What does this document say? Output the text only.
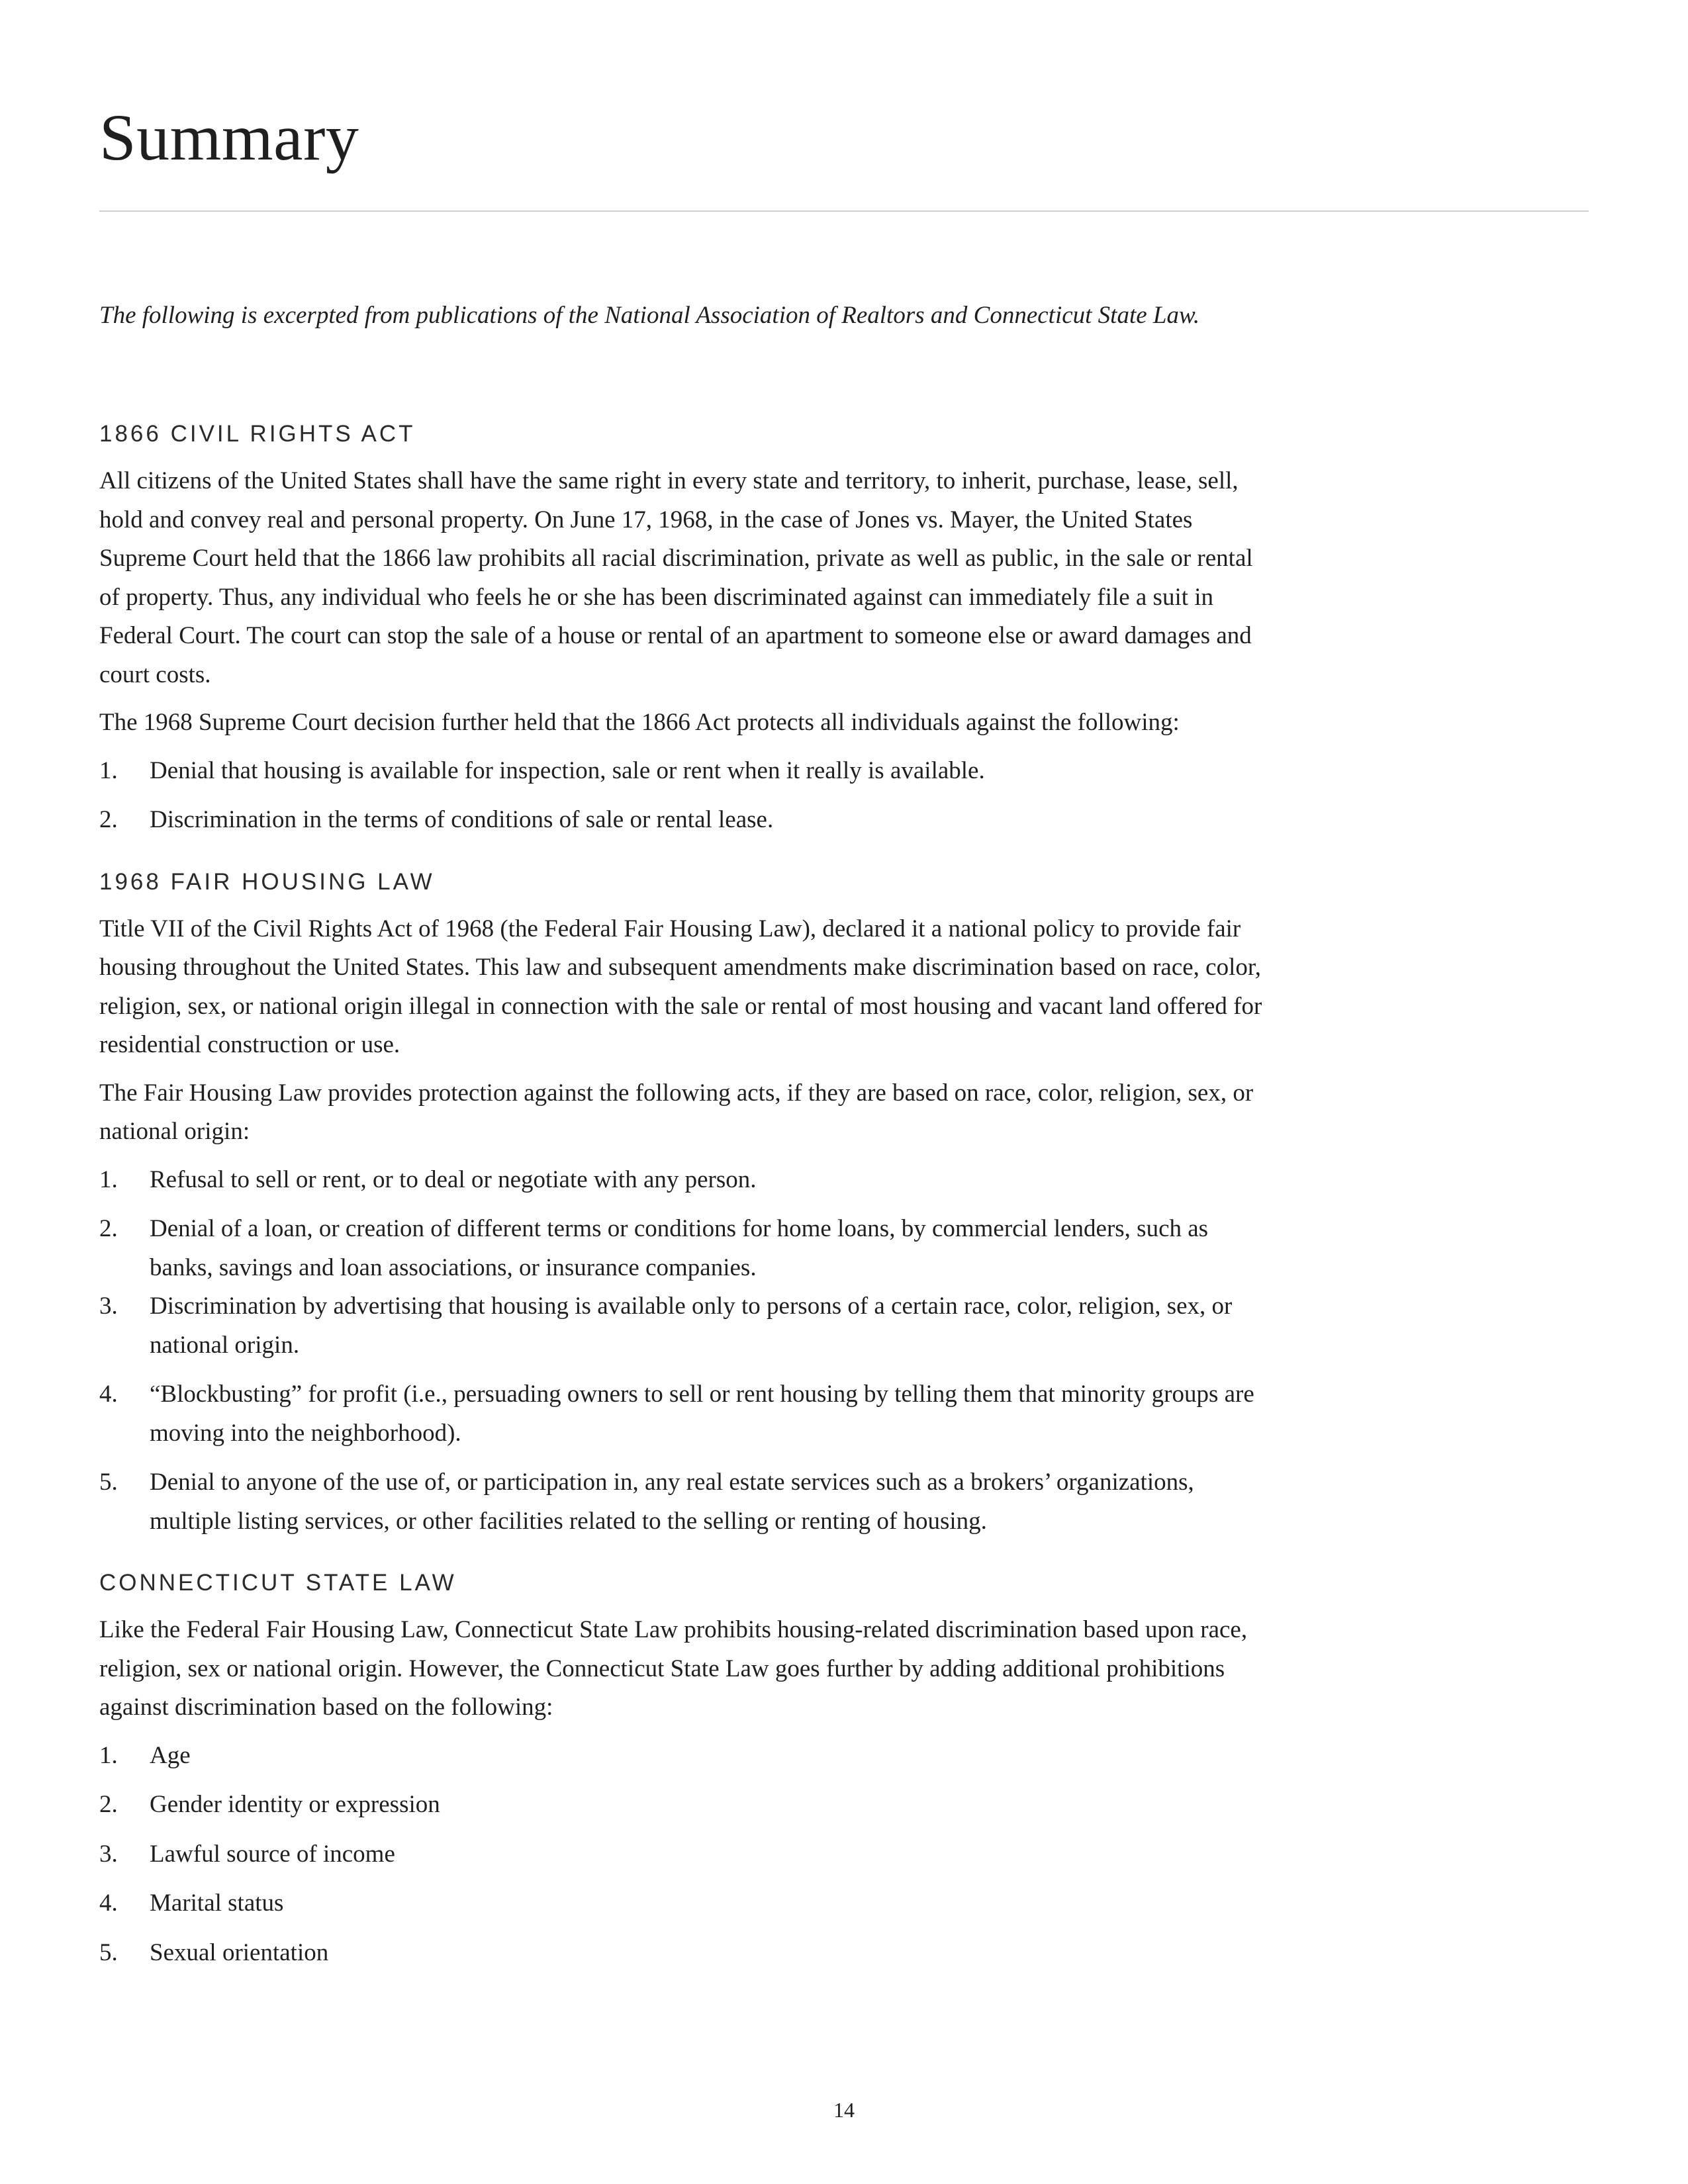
Summary

The following is excerpted from publications of the National Association of Realtors and Connecticut State Law.

1866 CIVIL RIGHTS ACT

All citizens of the United States shall have the same right in every state and territory, to inherit, purchase, lease, sell, hold and convey real and personal property. On June 17, 1968, in the case of Jones vs. Mayer, the United States Supreme Court held that the 1866 law prohibits all racial discrimination, private as well as public, in the sale or rental of property. Thus, any individual who feels he or she has been discriminated against can immediately file a suit in Federal Court. The court can stop the sale of a house or rental of an apartment to someone else or award damages and court costs.

The 1968 Supreme Court decision further held that the 1866 Act protects all individuals against the following:

1.	Denial that housing is available for inspection, sale or rent when it really is available.
2.	Discrimination in the terms of conditions of sale or rental lease.
1968 FAIR HOUSING LAW

Title VII of the Civil Rights Act of 1968 (the Federal Fair Housing Law), declared it a national policy to provide fair housing throughout the United States. This law and subsequent amendments make discrimination based on race, color, religion, sex, or national origin illegal in connection with the sale or rental of most housing and vacant land offered for residential construction or use.

The Fair Housing Law provides protection against the following acts, if they are based on race, color, religion, sex, or national origin:

1.	Refusal to sell or rent, or to deal or negotiate with any person.
2.	Denial of a loan, or creation of different terms or conditions for home loans, by commercial lenders, such as banks, savings and loan associations, or insurance companies.
3.	Discrimination by advertising that housing is available only to persons of a certain race, color, religion, sex, or national origin.
4.	“Blockbusting” for profit (i.e., persuading owners to sell or rent housing by telling them that minority groups are moving into the neighborhood).
5.	Denial to anyone of the use of, or participation in, any real estate services such as a brokers’ organizations, multiple listing services, or other facilities related to the selling or renting of housing.
CONNECTICUT STATE LAW

Like the Federal Fair Housing Law, Connecticut State Law prohibits housing-related discrimination based upon race, religion, sex or national origin. However, the Connecticut State Law goes further by adding additional prohibitions against discrimination based on the following:

1.	Age
2.	Gender identity or expression
3.	Lawful source of income
4.	Marital status
5.	Sexual orientation
14
